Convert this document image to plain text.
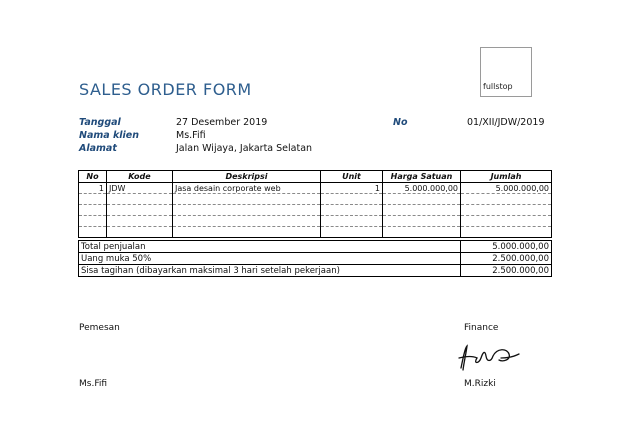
SALES ORDER FORM	fullstop
Tanggal	27 Desember 2019
Nama klien	Ms.Fifi
Alamat	Jalan Wijaya, Jakarta Selatan
No	01/XII/JDW/2019
No	Kode	Deskripsi	Unit	Harga Satuan	Jumlah
1	JDW	Jasa desain corporate web	1	5.000.000,00	5.000.000,00

Total penjualan	5.000.000,00
Uang muka 50%	2.500.000,00
Sisa tagihan (dibayarkan maksimal 3 hari setelah pekerjaan)	2.500.000,00
Pemesan	Finance
Ms.Fifi	M.Rizki
